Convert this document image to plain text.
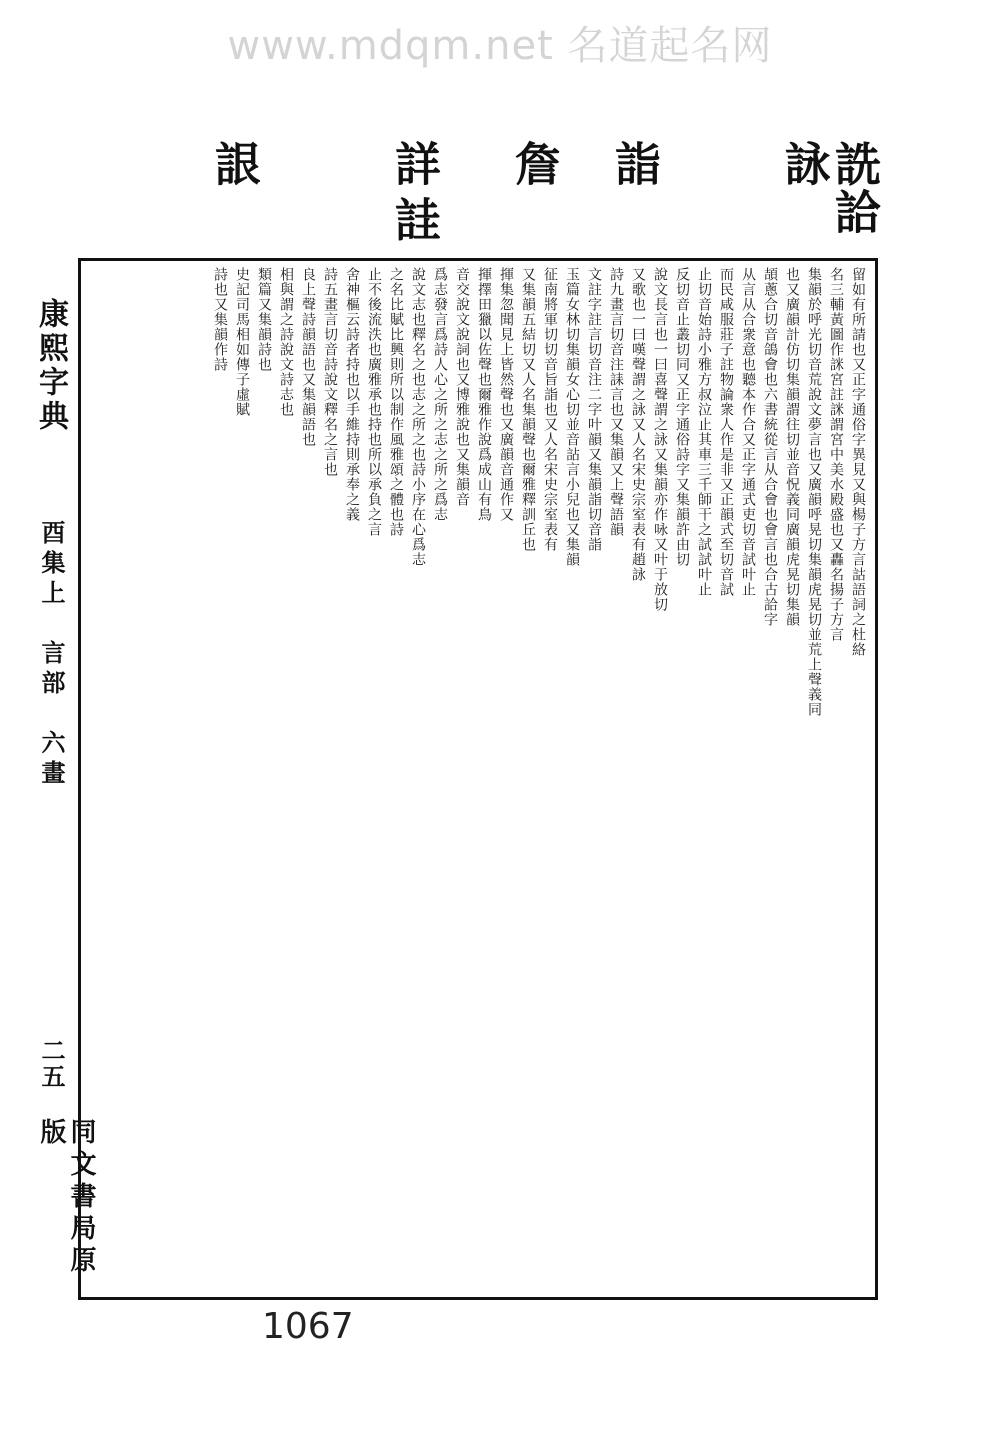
www.mdqm.net 名道起名网
詵詥詠
詣
詹
詳
詿
詪
康熙字典
酉集上　言部　六畫
二五
同文書局原版
留如有所請也又正字通俗字異見又與楊子方言詁語詞之杜絡
名三輔黃圖作詸宮註詸謂宮中美水殿盛也又轟名揚子方言
集韻於呼光切音荒說文夢言也又廣韻呼晃切集韻虎晃切並荒上聲義同
也又廣韻計仿切集韻謂往切並音怳義同廣韻虎晃切集韻
頡蔥合切音鴿會也六書統從言从合會也會言也合古詥字
从言从合衆意也聽本作合又正字通式吏切音試叶止
而民咸服莊子註物論衆人作是非又正韻式至切音試
止切音始詩小雅方叔泣止其車三千師干之試試叶止
反切音止叢切同又正字通俗詩字又集韻許由切
說文長言也一曰喜聲謂之詠又集韻亦作咏又叶于放切
又歌也一曰嘆聲謂之詠又人名宋史宗室表有趙詠
詩九畫言切音注誄言也又集韻又上聲語韻
文註字註言切音注二字叶韻又集韻詣切音詣
玉篇女林切集韻女心切並音詀言小兒也又集韻
征南將軍切切音旨詣也又人名宋史宗室表有
又集韻五結切又人名集韻聲也爾雅釋訓丘也
揮集忽聞見上皆然聲也又廣韻音通作又
揮擇田獵以佐聲也爾雅作說爲成山有鳥
音交說文說詞也又博雅說也又集韻音
爲志發言爲詩人心之所之志之所之爲志
說文志也釋名之也志之所之也詩小序在心爲志
之名比賦比興則所以制作風雅頌之體也詩
止不後流泆也廣雅承也持也所以承負之言
舍神樞云詩者持也以手維持則承奉之義
詩五畫言切音詩說文釋名之言也
良上聲詩韻語也又集韻語也
相與謂之詩說文詩志也
類篇又集韻詩也
史記司馬相如傳子虛賦
詩也又集韻作詩
1067
